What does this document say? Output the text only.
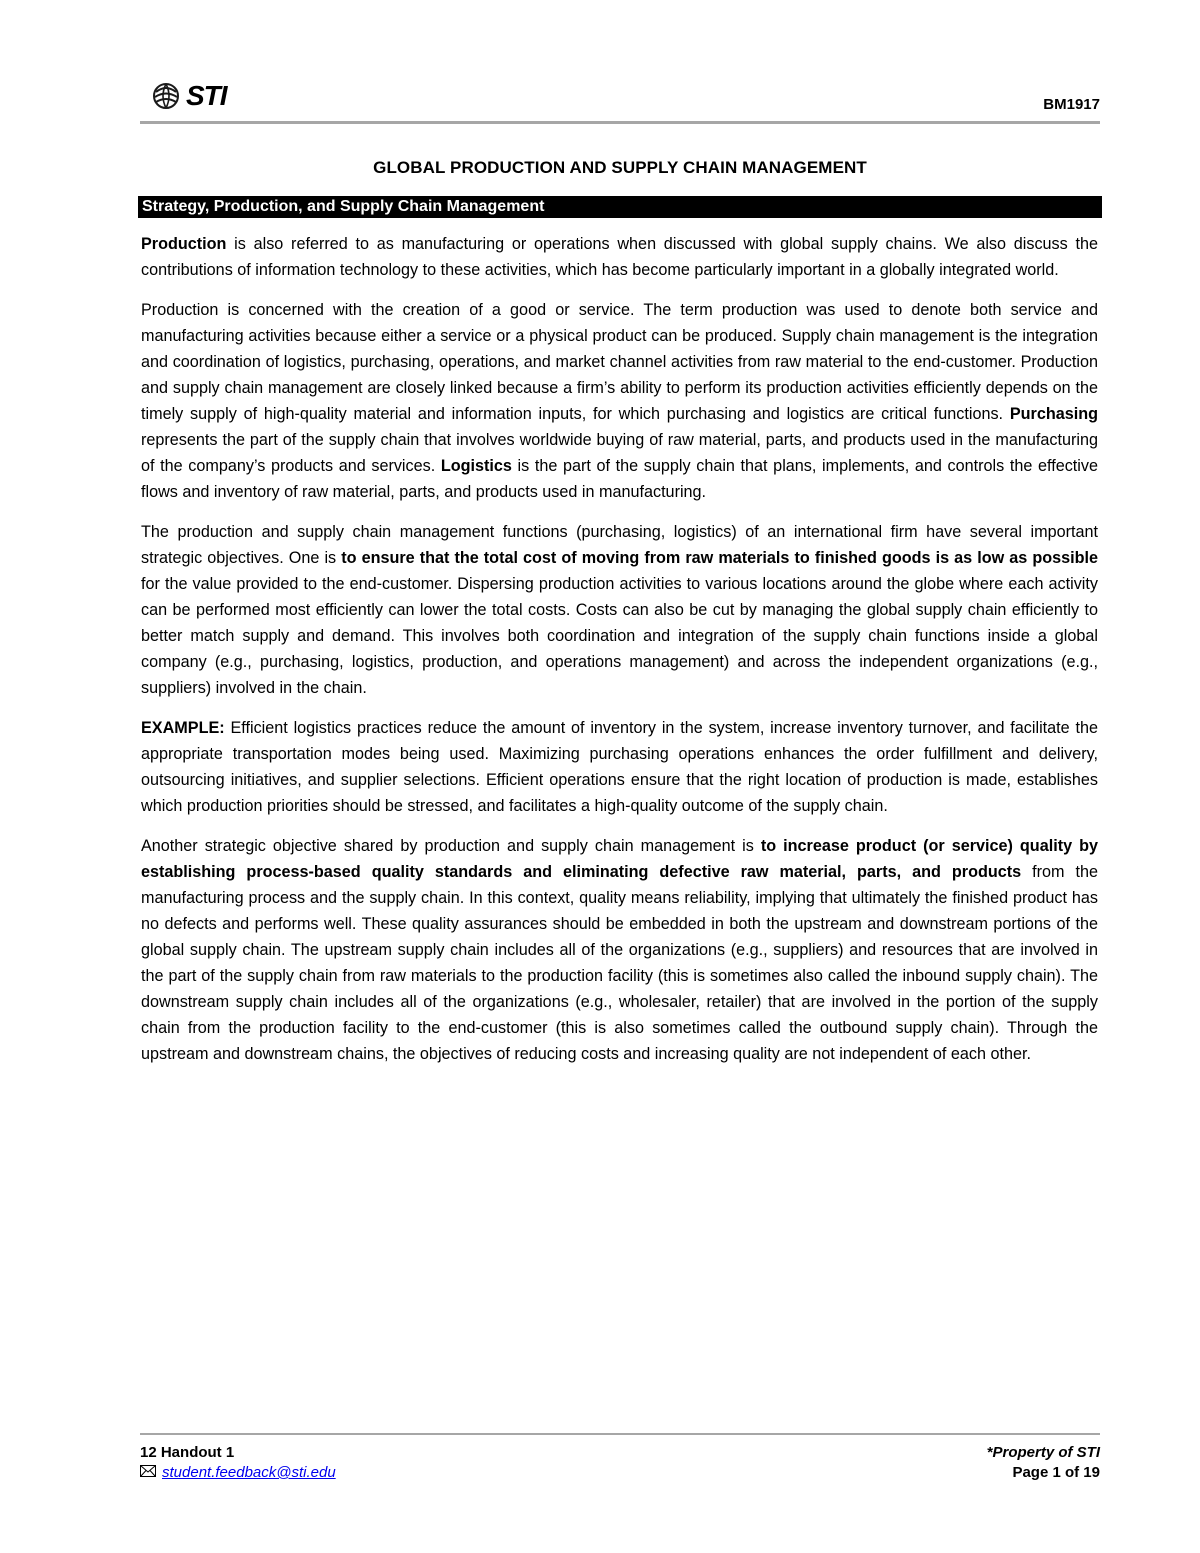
STI	BM1917
GLOBAL PRODUCTION AND SUPPLY CHAIN MANAGEMENT
Strategy, Production, and Supply Chain Management

Production is also referred to as manufacturing or operations when discussed with global supply chains. We also discuss the contributions of information technology to these activities, which has become particularly important in a globally integrated world.

Production is concerned with the creation of a good or service. The term production was used to denote both service and manufacturing activities because either a service or a physical product can be produced. Supply chain management is the integration and coordination of logistics, purchasing, operations, and market channel activities from raw material to the end-customer. Production and supply chain management are closely linked because a firm’s ability to perform its production activities efficiently depends on the timely supply of high-quality material and information inputs, for which purchasing and logistics are critical functions. Purchasing represents the part of the supply chain that involves worldwide buying of raw material, parts, and products used in the manufacturing of the company’s products and services. Logistics is the part of the supply chain that plans, implements, and controls the effective flows and inventory of raw material, parts, and products used in manufacturing.

The production and supply chain management functions (purchasing, logistics) of an international firm have several important strategic objectives. One is to ensure that the total cost of moving from raw materials to finished goods is as low as possible for the value provided to the end-customer. Dispersing production activities to various locations around the globe where each activity can be performed most efficiently can lower the total costs. Costs can also be cut by managing the global supply chain efficiently to better match supply and demand. This involves both coordination and integration of the supply chain functions inside a global company (e.g., purchasing, logistics, production, and operations management) and across the independent organizations (e.g., suppliers) involved in the chain.

EXAMPLE: Efficient logistics practices reduce the amount of inventory in the system, increase inventory turnover, and facilitate the appropriate transportation modes being used. Maximizing purchasing operations enhances the order fulfillment and delivery, outsourcing initiatives, and supplier selections. Efficient operations ensure that the right location of production is made, establishes which production priorities should be stressed, and facilitates a high-quality outcome of the supply chain.

Another strategic objective shared by production and supply chain management is to increase product (or service) quality by establishing process-based quality standards and eliminating defective raw material, parts, and products from the manufacturing process and the supply chain. In this context, quality means reliability, implying that ultimately the finished product has no defects and performs well. These quality assurances should be embedded in both the upstream and downstream portions of the global supply chain. The upstream supply chain includes all of the organizations (e.g., suppliers) and resources that are involved in the part of the supply chain from raw materials to the production facility (this is sometimes also called the inbound supply chain). The downstream supply chain includes all of the organizations (e.g., wholesaler, retailer) that are involved in the portion of the supply chain from the production facility to the end-customer (this is also sometimes called the outbound supply chain). Through the upstream and downstream chains, the objectives of reducing costs and increasing quality are not independent of each other.

12 Handout 1
student.feedback@sti.edu
*Property of STI
Page 1 of 19
